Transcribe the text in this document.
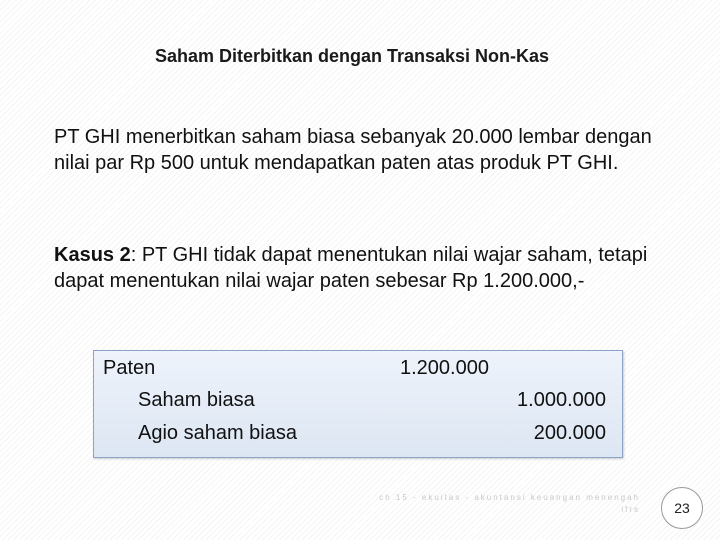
Saham Diterbitkan dengan Transaksi Non-Kas
PT GHI menerbitkan saham biasa sebanyak 20.000 lembar dengan nilai par Rp 500 untuk mendapatkan paten atas produk PT GHI.
Kasus 2: PT GHI tidak dapat menentukan nilai wajar saham, tetapi dapat menentukan nilai wajar paten sebesar Rp 1.200.000,-
Paten	1.200.000
Saham biasa	1.000.000
Agio saham biasa	200.000
ch 15 - ekuitas - akuntansi keuangan menengah
ifrs 23
